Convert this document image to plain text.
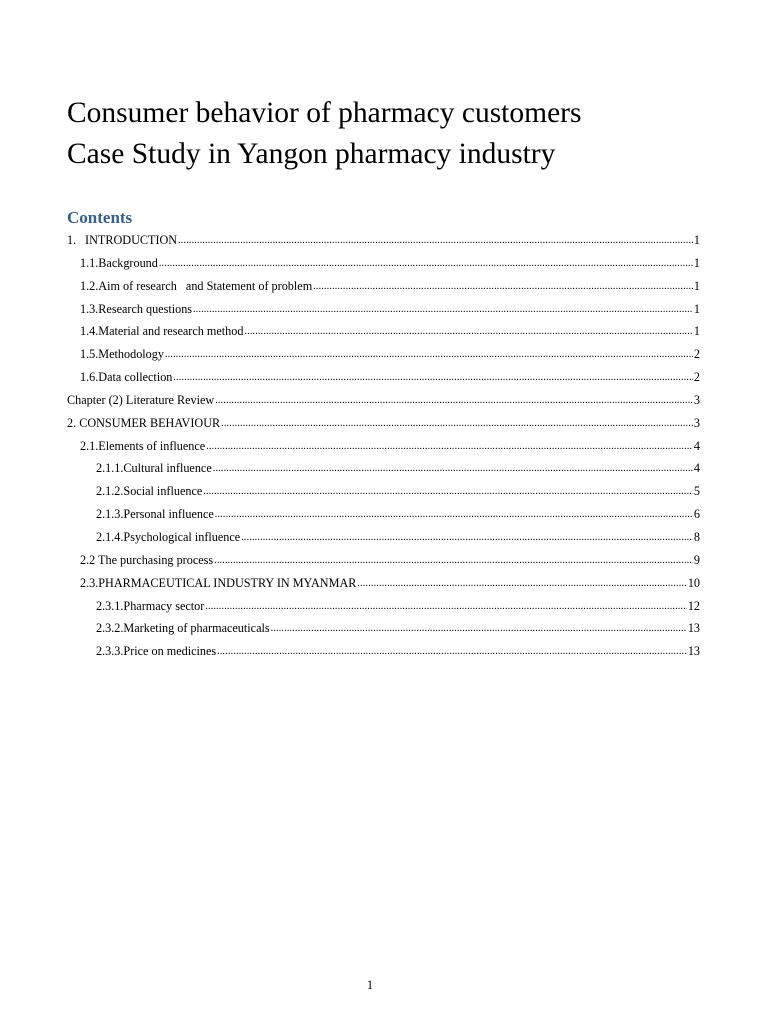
Consumer behavior of pharmacy customers
Case Study in Yangon pharmacy industry
Contents
1. INTRODUCTION .....	1
1.1.Background .....	1
1.2.Aim of research   and Statement of problem .....	1
1.3.Research questions .....	1
1.4.Material and research method .....	1
1.5.Methodology .....	2
1.6.Data collection .....	2
Chapter (2) Literature Review .....	3
2. CONSUMER BEHAVIOUR .....	3
2.1.Elements of influence .....	4
2.1.1.Cultural influence .....	4
2.1.2.Social influence .....	5
2.1.3.Personal influence .....	6
2.1.4.Psychological influence .....	8
2.2 The purchasing process .....	9
2.3.PHARMACEUTICAL INDUSTRY IN MYANMAR .....	10
2.3.1.Pharmacy sector .....	12
2.3.2.Marketing of pharmaceuticals .....	13
2.3.3.Price on medicines .....	13
1
